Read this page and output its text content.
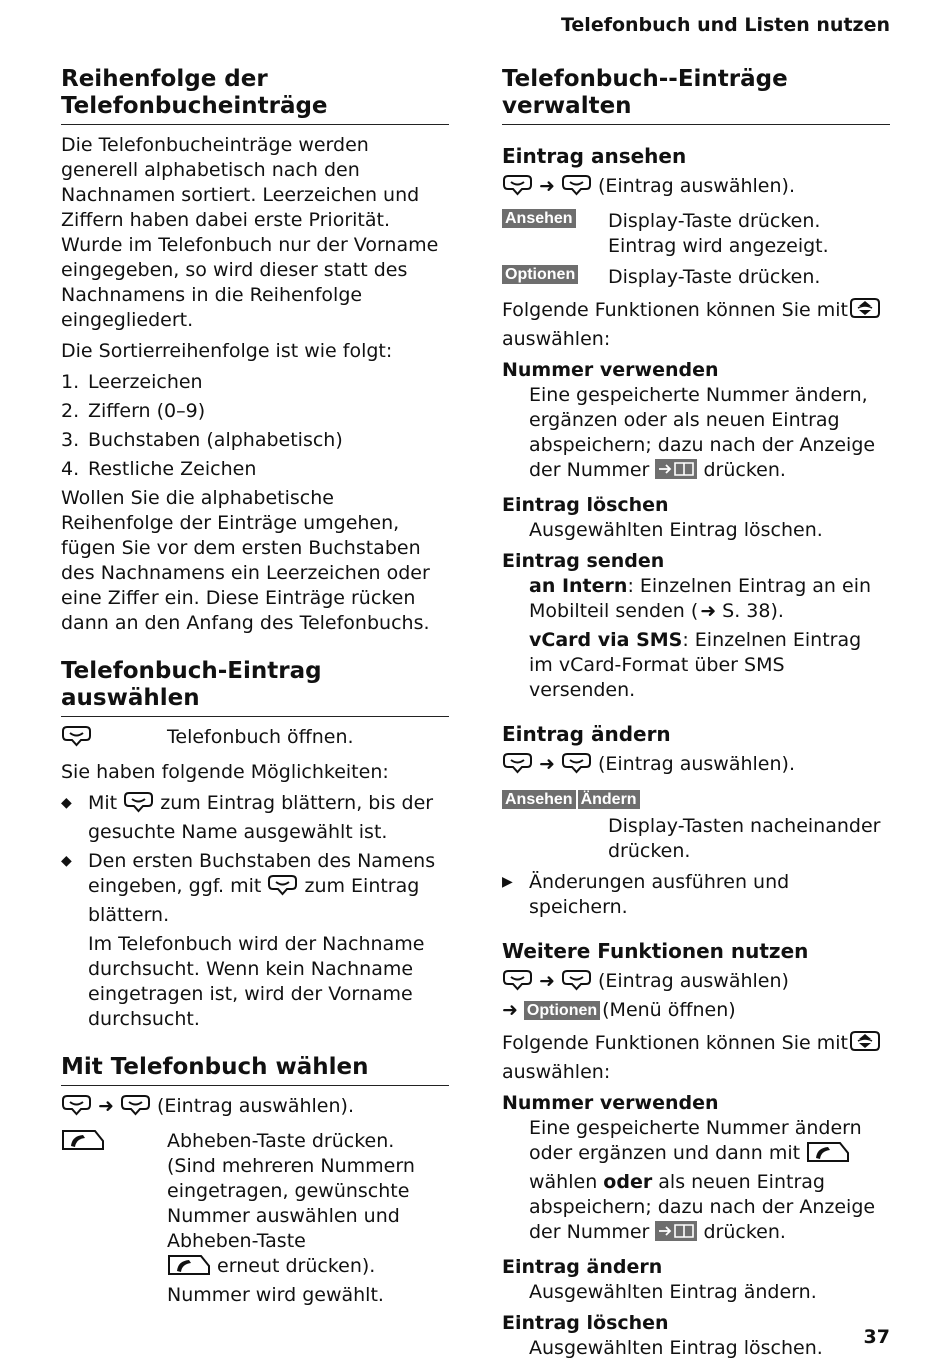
Telefonbuch und Listen nutzen
Reihenfolge der Telefonbucheinträge

Die Telefonbucheinträge werden generell alphabetisch nach den Nachnamen sortiert. Leerzeichen und Ziffern haben dabei erste Priorität. Wurde im Telefonbuch nur der Vorname eingegeben, so wird dieser statt des Nachnamens in die Reihenfolge eingegliedert.

Die Sortierreihenfolge ist wie folgt:

1. Leerzeichen
2. Ziffern (0–9)
3. Buchstaben (alphabetisch)
4. Restliche Zeichen

Wollen Sie die alphabetische Reihenfolge der Einträge umgehen, fügen Sie vor dem ersten Buchstaben des Nachnamens ein Leerzeichen oder eine Ziffer ein. Diese Einträge rücken dann an den Anfang des Telefonbuchs.

Telefonbuch-Eintrag auswählen
Telefonbuch öffnen.

Sie haben folgende Möglichkeiten:

◆ Mit zum Eintrag blättern, bis der gesuchte Name ausgewählt ist.
◆ Den ersten Buchstaben des Namens eingeben, ggf. mit zum Eintrag blättern.

Im Telefonbuch wird der Nachname durchsucht. Wenn kein Nachname eingetragen ist, wird der Vorname durchsucht.

Mit Telefonbuch wählen
➜ (Eintrag auswählen).
Abheben-Taste drücken.
(Sind mehreren Nummern eingetragen, gewünschte Nummer auswählen und Abheben-Taste
erneut drücken).
Nummer wird gewählt.
Telefonbuch--Einträge verwalten
Eintrag ansehen
➜ (Eintrag auswählen).
Ansehen Display-Taste drücken. Eintrag wird angezeigt.
Optionen Display-Taste drücken.

Folgende Funktionen können Sie mit auswählen:

Nummer verwenden
Eine gespeicherte Nummer ändern, ergänzen oder als neuen Eintrag abspeichern; dazu nach der Anzeige der Nummer	drücken.
Eintrag löschen
Ausgewählten Eintrag löschen.
Eintrag senden
an Intern: Einzelnen Eintrag an ein Mobilteil senden ( ➜ S. 38).
vCard via SMS: Einzelnen Eintrag im vCard-Format über SMS versenden.
Eintrag ändern
➜ (Eintrag auswählen).
Ansehen Ändern
Display-Tasten nacheinander drücken.
▶ Änderungen ausführen und speichern.
Weitere Funktionen nutzen
➜ (Eintrag auswählen)
➜ Optionen (Menü öffnen)

Folgende Funktionen können Sie mit auswählen:

Nummer verwenden
Eine gespeicherte Nummer ändern oder ergänzen und dann mit  wählen oder als neuen Eintrag abspeichern; dazu nach der Anzeige der Nummer	drücken.
Eintrag ändern
Ausgewählten Eintrag ändern.
Eintrag löschen
Ausgewählten Eintrag löschen.	37
